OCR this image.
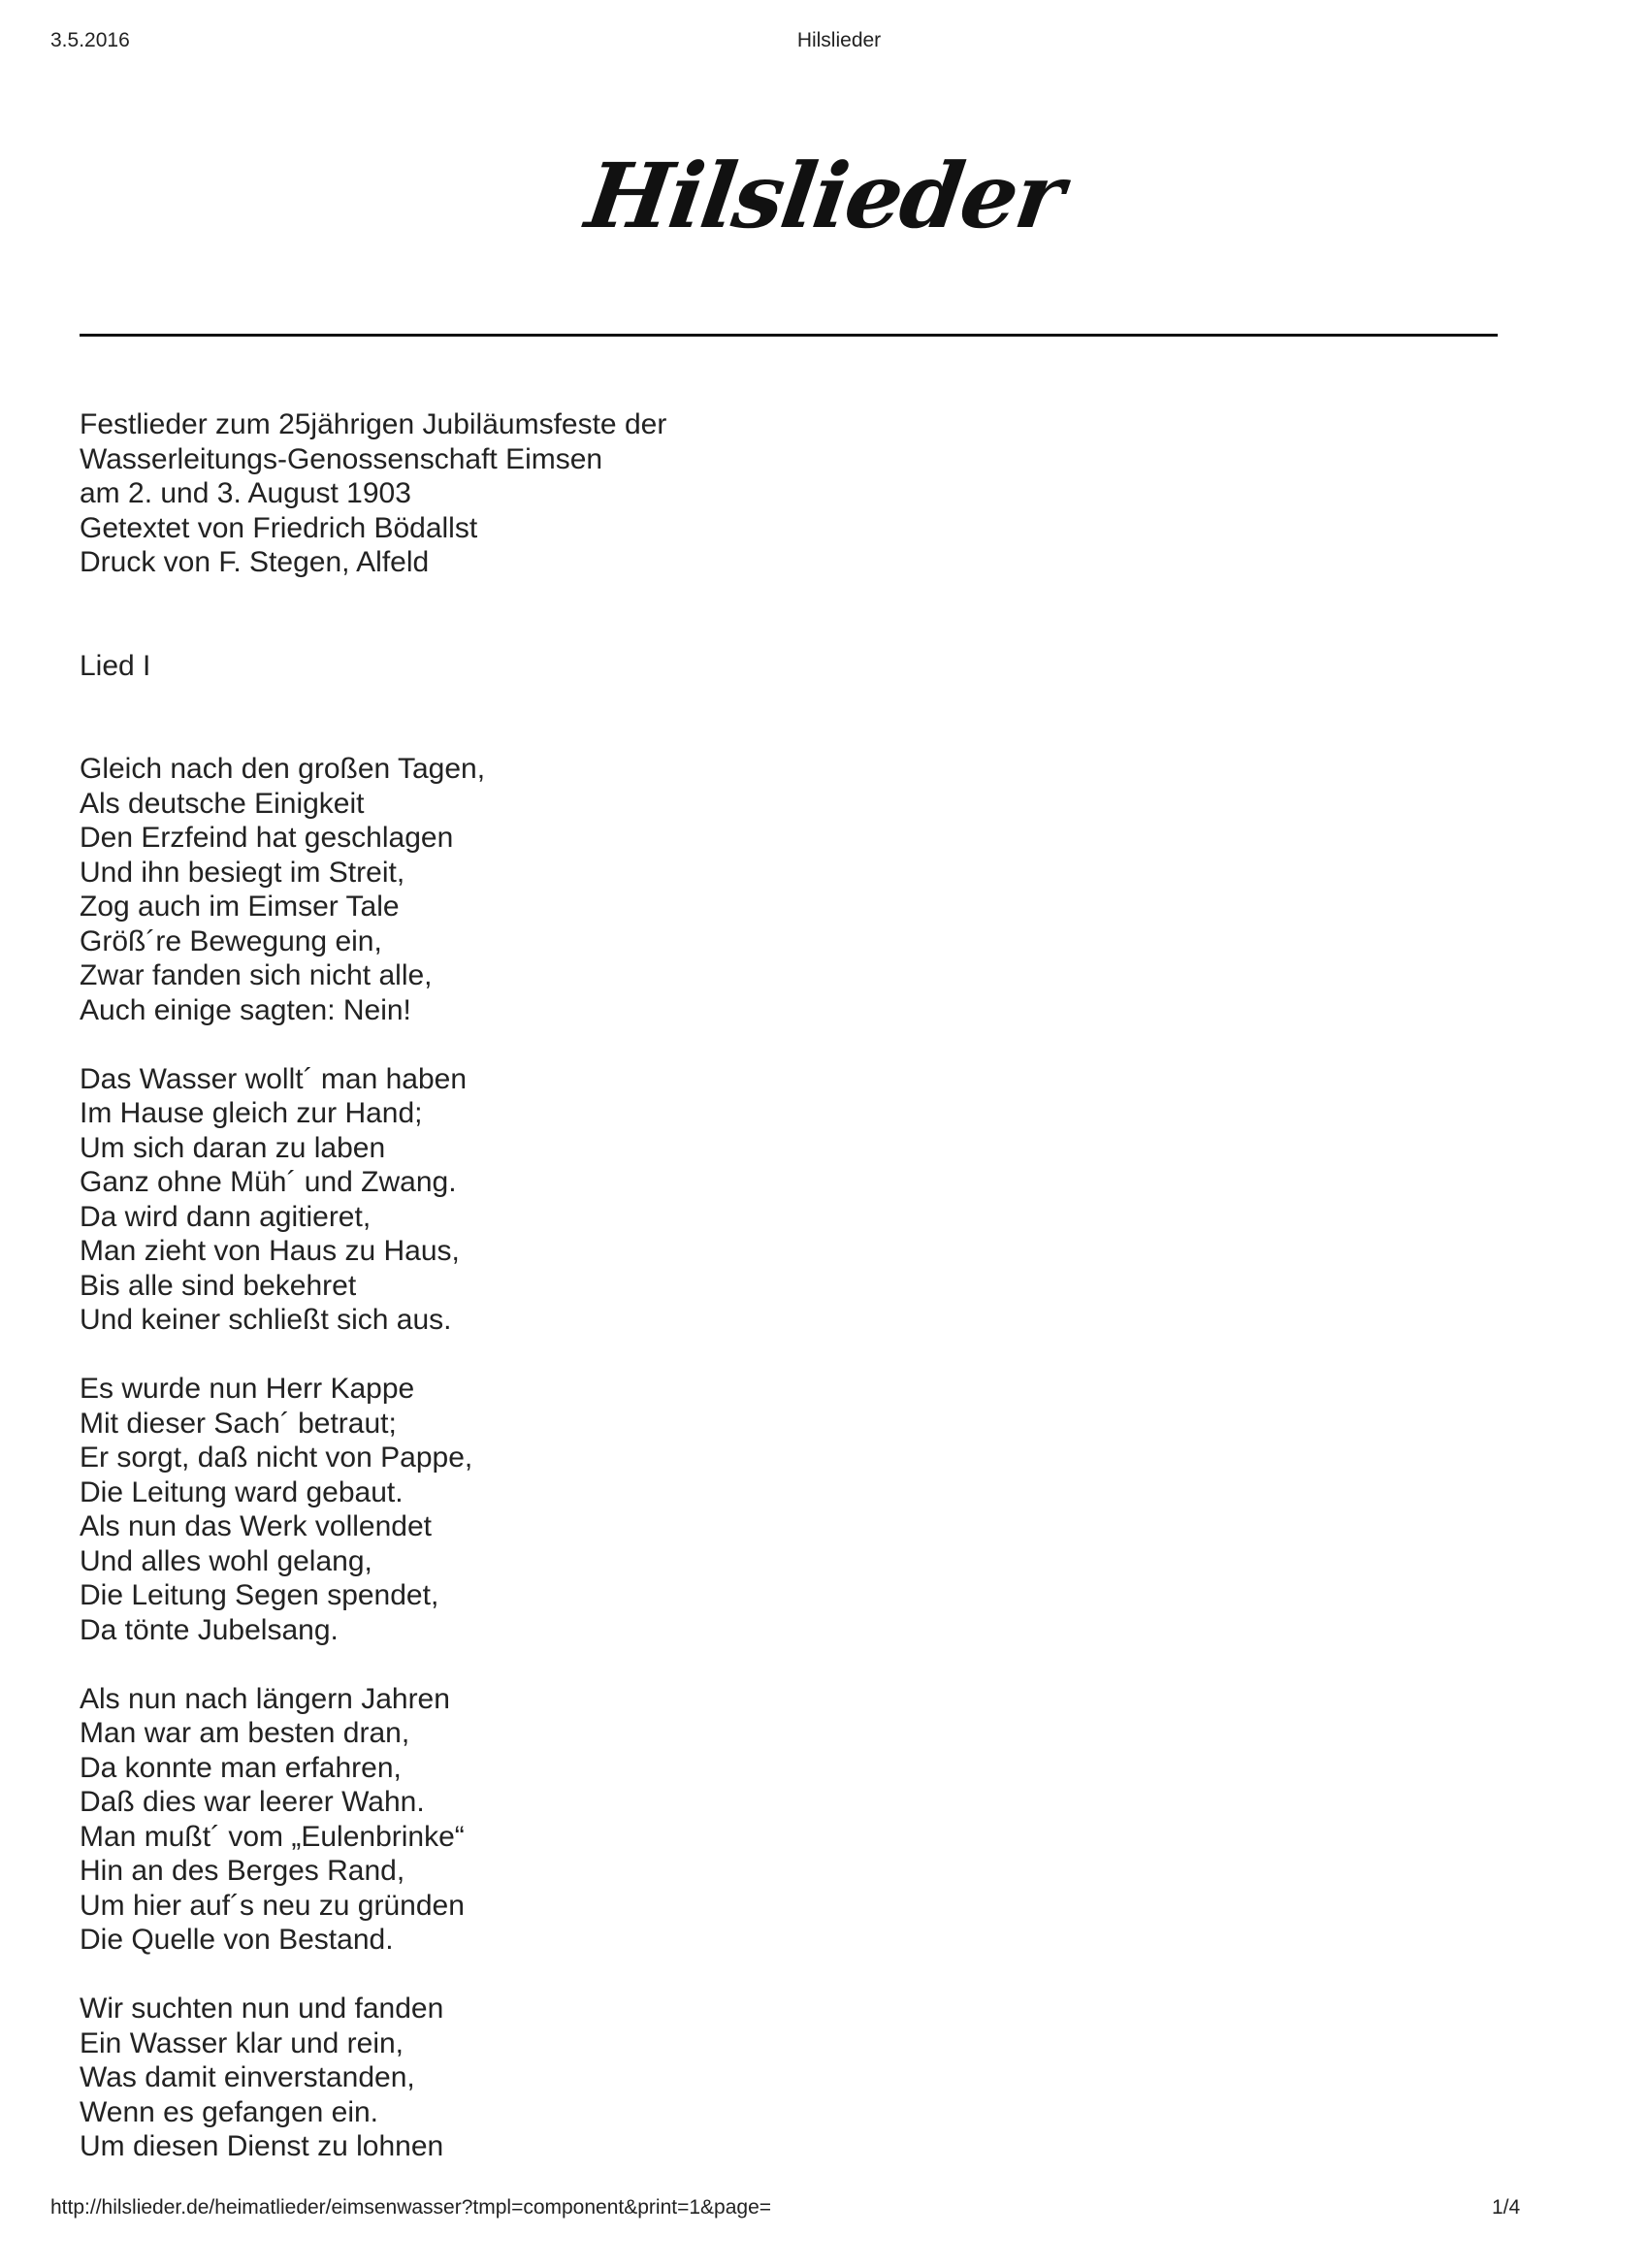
3.5.2016	Hilslieder
Hilslieder
Festlieder zum 25jährigen Jubiläumsfeste der
Wasserleitungs-Genossenschaft Eimsen
am 2. und 3. August 1903
Getextet von Friedrich Bödallst
Druck von F. Stegen, Alfeld
Lied I
Gleich nach den großen Tagen,
Als deutsche Einigkeit
Den Erzfeind hat geschlagen
Und ihn besiegt im Streit,
Zog auch im Eimser Tale
Größ´re Bewegung ein,
Zwar fanden sich nicht alle,
Auch einige sagten: Nein!
Das Wasser wollt´ man haben
Im Hause gleich zur Hand;
Um sich daran zu laben
Ganz ohne Müh´ und Zwang.
Da wird dann agitieret,
Man zieht von Haus zu Haus,
Bis alle sind bekehret
Und keiner schließt sich aus.
Es wurde nun Herr Kappe
Mit dieser Sach´ betraut;
Er sorgt, daß nicht von Pappe,
Die Leitung ward gebaut.
Als nun das Werk vollendet
Und alles wohl gelang,
Die Leitung Segen spendet,
Da tönte Jubelsang.
Als nun nach längern Jahren
Man war am besten dran,
Da konnte man erfahren,
Daß dies war leerer Wahn.
Man mußt´ vom „Eulenbrinke“
Hin an des Berges Rand,
Um hier auf´s neu zu gründen
Die Quelle von Bestand.
Wir suchten nun und fanden
Ein Wasser klar und rein,
Was damit einverstanden,
Wenn es gefangen ein.
Um diesen Dienst zu lohnen
http://hilslieder.de/heimatlieder/eimsenwasser?tmpl=component&print=1&page=	1/4
